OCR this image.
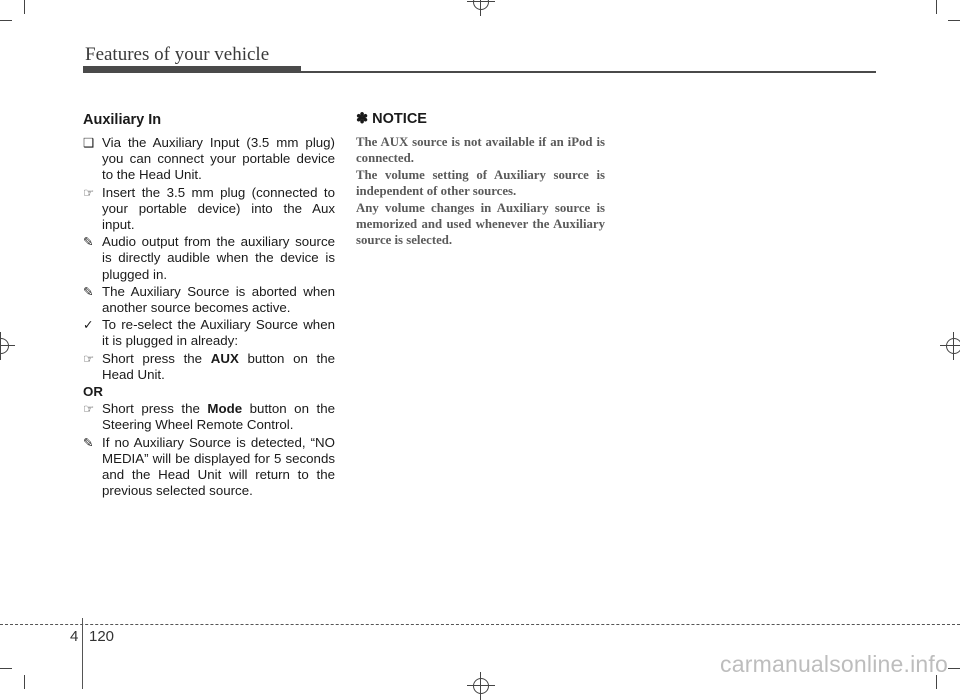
Features of your vehicle
Auxiliary In
❑ Via the Auxiliary Input (3.5 mm plug) you can connect your portable device to the Head Unit.
☞ Insert the 3.5 mm plug (connected to your portable device) into the Aux input.
✎ Audio output from the auxiliary source is directly audible when the device is plugged in.
✎ The Auxiliary Source is aborted when another source becomes active.
✓ To re-select the Auxiliary Source when it is plugged in already:
☞ Short press the AUX button on the Head Unit.
OR
☞ Short press the Mode button on the Steering Wheel Remote Control.
✎ If no Auxiliary Source is detected, “NO MEDIA” will be displayed for 5 seconds and the Head Unit will return to the previous selected source.
✽ NOTICE

The AUX source is not available if an iPod is connected.

The volume setting of Auxiliary source is independent of other sources.

Any volume changes in Auxiliary source is memorized and used whenever the Auxiliary source is selected.

4 120
carmanualsonline.info
